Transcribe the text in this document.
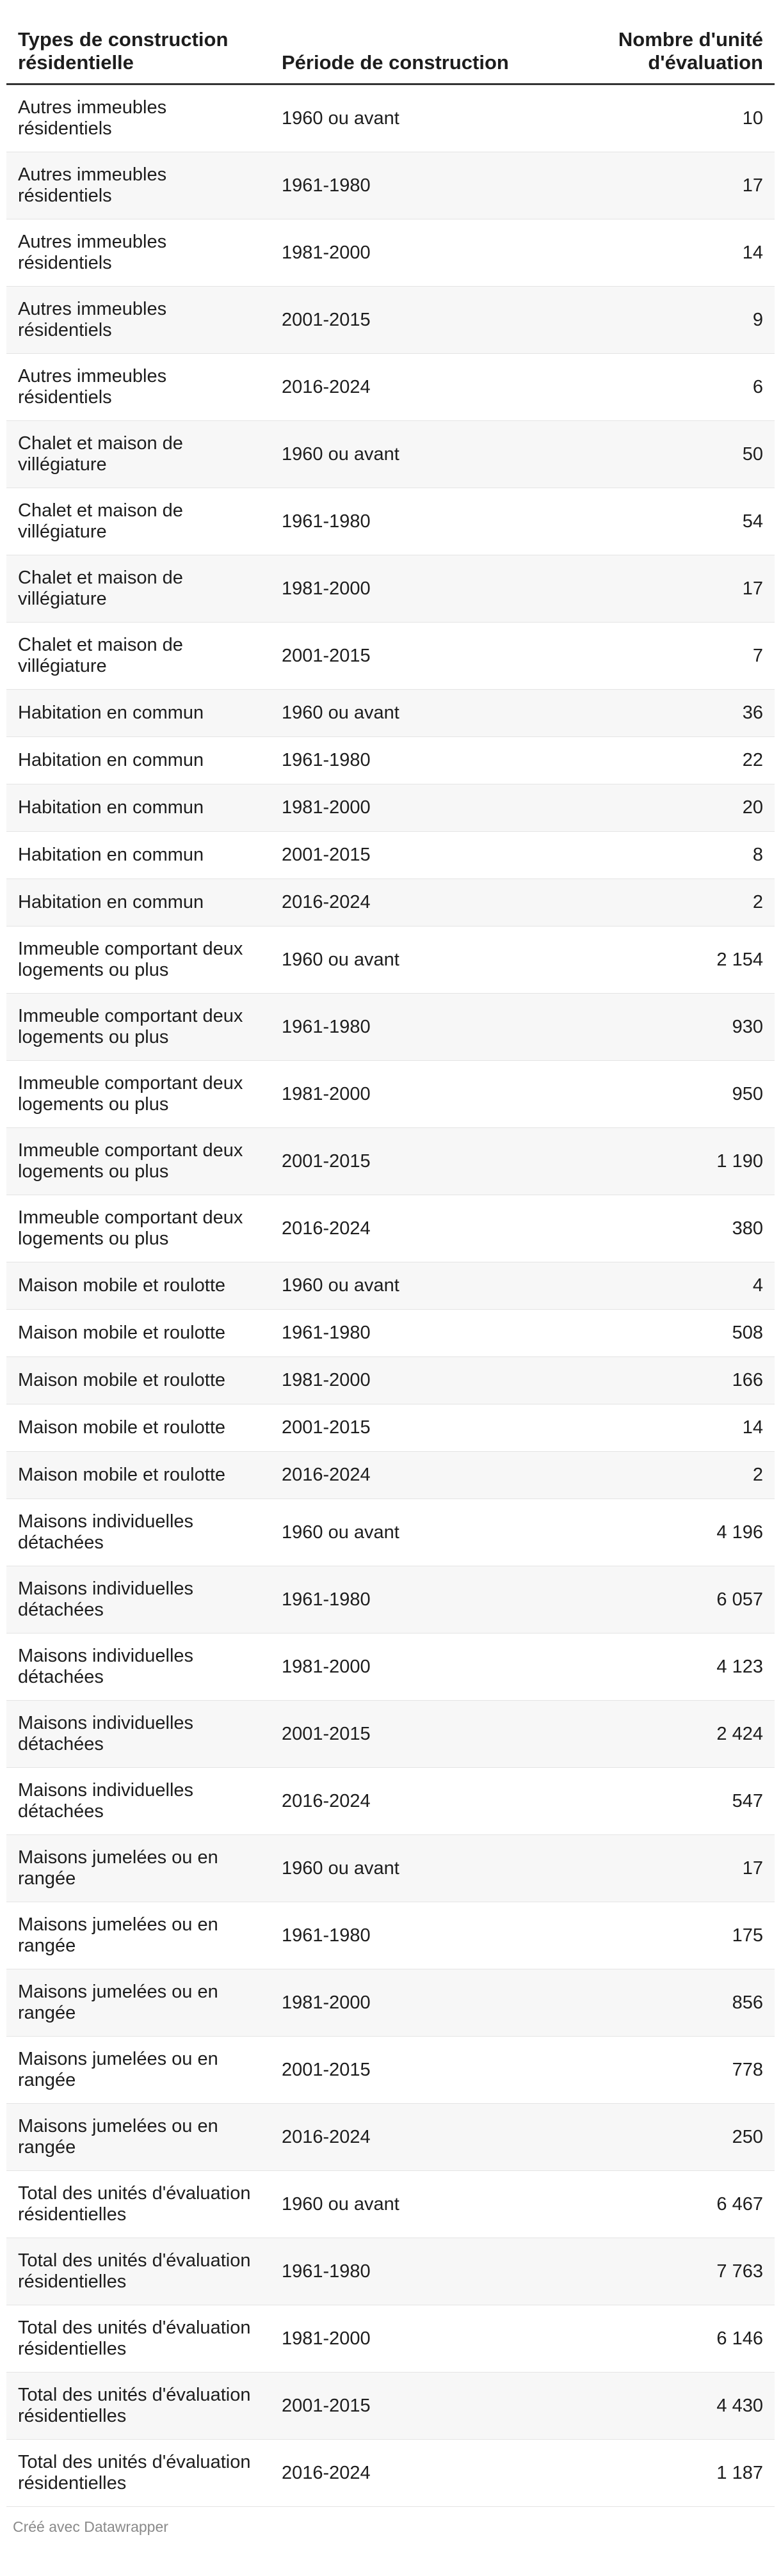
Types de construction résidentielle	Période de construction	Nombre d'unité d'évaluation
Autres immeubles résidentiels	1960 ou avant	10
Autres immeubles résidentiels	1961-1980	17
Autres immeubles résidentiels	1981-2000	14
Autres immeubles résidentiels	2001-2015	9
Autres immeubles résidentiels	2016-2024	6
Chalet et maison de villégiature	1960 ou avant	50
Chalet et maison de villégiature	1961-1980	54
Chalet et maison de villégiature	1981-2000	17
Chalet et maison de villégiature	2001-2015	7
Habitation en commun	1960 ou avant	36
Habitation en commun	1961-1980	22
Habitation en commun	1981-2000	20
Habitation en commun	2001-2015	8
Habitation en commun	2016-2024	2
Immeuble comportant deux logements ou plus	1960 ou avant	2 154
Immeuble comportant deux logements ou plus	1961-1980	930
Immeuble comportant deux logements ou plus	1981-2000	950
Immeuble comportant deux logements ou plus	2001-2015	1 190
Immeuble comportant deux logements ou plus	2016-2024	380
Maison mobile et roulotte	1960 ou avant	4
Maison mobile et roulotte	1961-1980	508
Maison mobile et roulotte	1981-2000	166
Maison mobile et roulotte	2001-2015	14
Maison mobile et roulotte	2016-2024	2
Maisons individuelles détachées	1960 ou avant	4 196
Maisons individuelles détachées	1961-1980	6 057
Maisons individuelles détachées	1981-2000	4 123
Maisons individuelles détachées	2001-2015	2 424
Maisons individuelles détachées	2016-2024	547
Maisons jumelées ou en rangée	1960 ou avant	17
Maisons jumelées ou en rangée	1961-1980	175
Maisons jumelées ou en rangée	1981-2000	856
Maisons jumelées ou en rangée	2001-2015	778
Maisons jumelées ou en rangée	2016-2024	250
Total des unités d'évaluation résidentielles	1960 ou avant	6 467
Total des unités d'évaluation résidentielles	1961-1980	7 763
Total des unités d'évaluation résidentielles	1981-2000	6 146
Total des unités d'évaluation résidentielles	2001-2015	4 430
Total des unités d'évaluation résidentielles	2016-2024	1 187
Créé avec Datawrapper
